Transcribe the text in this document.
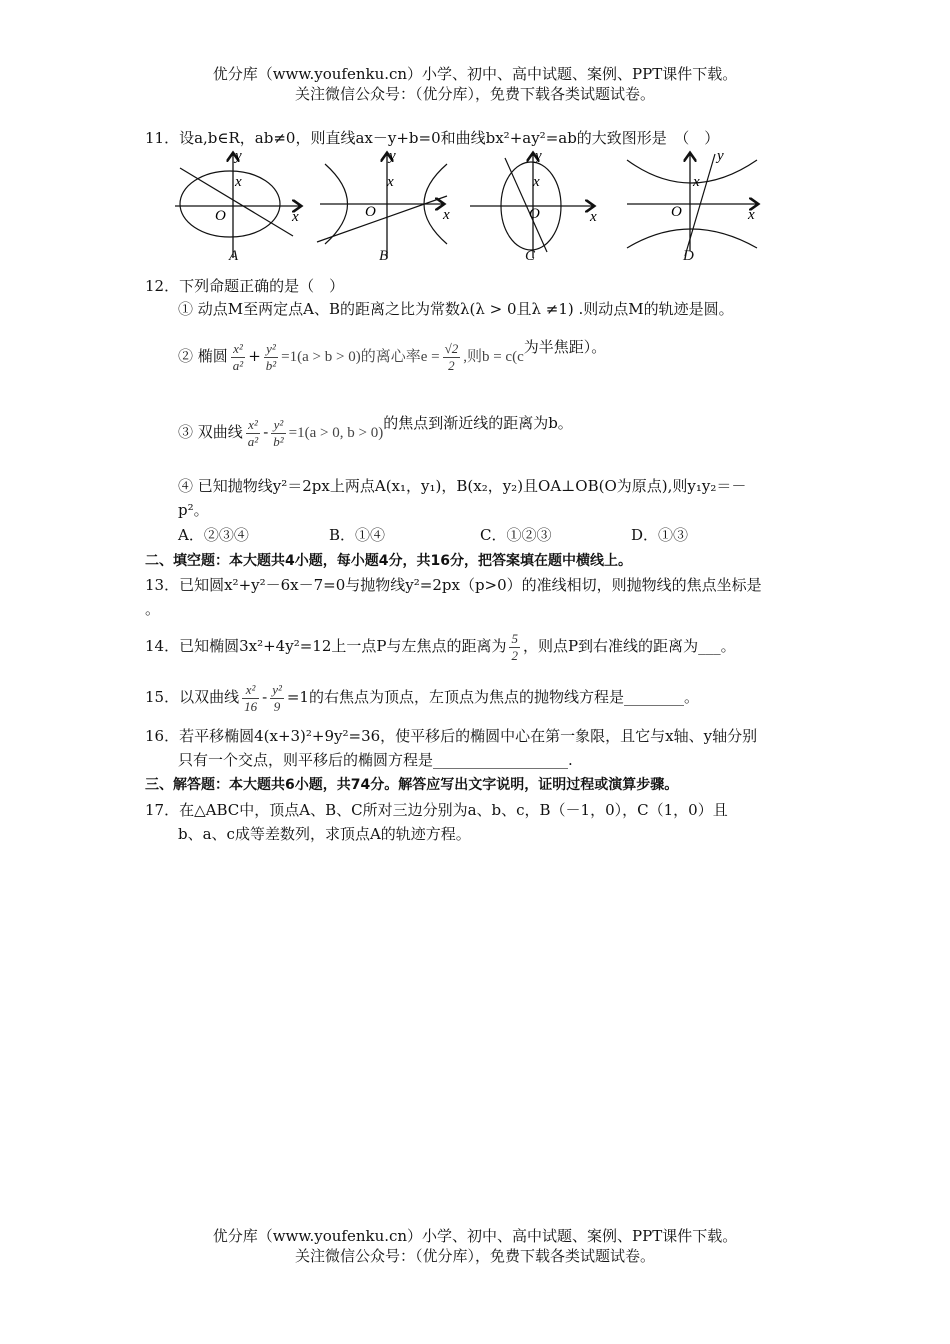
优分库（www.youfenku.cn）小学、初中、高中试题、案例、PPT课件下载。
关注微信公众号：（优分库），免费下载各类试题试卷。
11．设a,b∈R，ab≠0，则直线ax－y+b=0和曲线bx²+ay²=ab的大致图形是　（　）
x
y
O	x
x
y
O	x
x
y
O	x
x
y
O	x
A	B	C	D
12．下列命题正确的是（　）
① 动点M至两定点A、B的距离之比为常数λ(λ > 0且λ ≠1) .则动点M的轨迹是圆。
② 椭圆 $\frac{\text{x²}}{\text{a²}} + \frac{\text{y²}}{\text{b²}} =1(a > b > 0)$的离心率$e = \frac{√2}{2}$ ,则b = c(c为半焦距）。
③ 双曲线 $\frac{\text{x²}}{\text{a²}} - \frac{\text{y²}}{\text{b²}} =1(a > 0$, b > 0)的焦点到渐近线的距离为b。
④ 已知抛物线y²＝2px上两点A(x₁，y₁)，B(x₂，y₂)且OA⊥OB(O为原点),则y₁y₂＝－
p²。
A．②③④	B．①④	C．①②③	D．①③
二、填空题：本大题共4小题，每小题4分，共16分，把答案填在题中横线上。
13．已知圆x²+y²－6x－7=0与抛物线y²=2px（p>0）的准线相切，则抛物线的焦点坐标是
。
14．已知椭圆3x²+4y²=12上一点P与左焦点的距离为 $\frac{5}{2}$ ，则点P到右准线的距离为___。
15．以双曲线 $\frac{\text{x²}}{16} - \frac{\text{y²}}{9} =1$的右焦点为顶点，左顶点为焦点的抛物线方程是________。
16．若平移椭圆4(x+3)²+9y²=36，使平移后的椭圆中心在第一象限，且它与x轴、y轴分别
只有一个交点，则平移后的椭圆方程是__________________.
三、解答题：本大题共6小题，共74分。解答应写出文字说明，证明过程或演算步骤。
17．在△ABC中，顶点A、B、C所对三边分别为a、b、c，B（－1，0），C（1，0）且
b、a、c成等差数列，求顶点A的轨迹方程。
优分库（www.youfenku.cn）小学、初中、高中试题、案例、PPT课件下载。
关注微信公众号：（优分库），免费下载各类试题试卷。
